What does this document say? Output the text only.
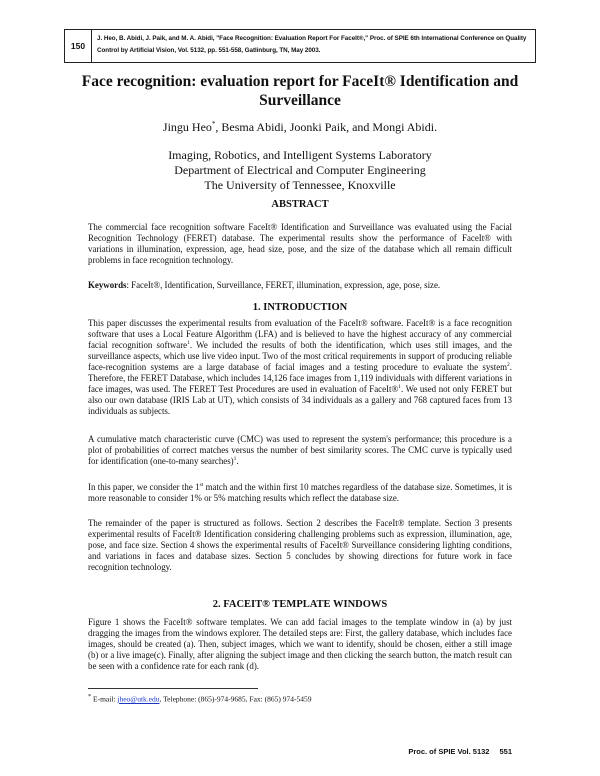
150
J. Heo, B. Abidi, J. Paik, and M. A. Abidi, "Face Recognition: Evaluation Report For FaceIt®," Proc. of SPIE 6th International Conference on Quality Control by Artificial Vision, Vol. 5132, pp. 551-558, Gatlinburg, TN, May 2003.
Face recognition: evaluation report for FaceIt® Identification and Surveillance
Jingu Heo*, Besma Abidi, Joonki Paik, and Mongi Abidi.
Imaging, Robotics, and Intelligent Systems Laboratory
Department of Electrical and Computer Engineering
The University of Tennessee, Knoxville
ABSTRACT

The commercial face recognition software FaceIt® Identification and Surveillance was evaluated using the Facial Recognition Technology (FERET) database. The experimental results show the performance of FaceIt® with variations in illumination, expression, age, head size, pose, and the size of the database which all remain difficult problems in face recognition technology.

Keywords: FaceIt®, Identification, Surveillance, FERET, illumination, expression, age, pose, size.

1. INTRODUCTION

This paper discusses the experimental results from evaluation of the FaceIt® software. FaceIt® is a face recognition software that uses a Local Feature Algorithm (LFA) and is believed to have the highest accuracy of any commercial facial recognition software$^1$. We included the results of both the identification, which uses still images, and the surveillance aspects, which use live video input. Two of the most critical requirements in support of producing reliable face-recognition systems are a large database of facial images and a testing procedure to evaluate the system$^2$. Therefore, the FERET Database, which includes 14,126 face images from 1,119 individuals with different variations in face images, was used. The FERET Test Procedures are used in evaluation of FaceIt®$^1$. We used not only FERET but also our own database (IRIS Lab at UT), which consists of 34 individuals as a gallery and 768 captured faces from 13 individuals as subjects.

A cumulative match characteristic curve (CMC) was used to represent the system's performance; this procedure is a plot of probabilities of correct matches versus the number of best similarity scores. The CMC curve is typically used for identification (one-to-many searches)$^1$.

In this paper, we consider the 1st match and the within first 10 matches regardless of the database size. Sometimes, it is more reasonable to consider 1% or 5% matching results which reflect the database size.

The remainder of the paper is structured as follows. Section 2 describes the FaceIt® template. Section 3 presents experimental results of FaceIt® Identification considering challenging problems such as expression, illumination, age, pose, and face size. Section 4 shows the experimental results of FaceIt® Surveillance considering lighting conditions, and variations in faces and database sizes. Section 5 concludes by showing directions for future work in face recognition technology.

2. FACEIT® TEMPLATE WINDOWS

Figure 1 shows the FaceIt® software templates. We can add facial images to the template window in (a) by just dragging the images from the windows explorer. The detailed steps are: First, the gallery database, which includes face images, should be created (a). Then, subject images, which we want to identify, should be chosen, either a still image (b) or a live image(c). Finally, after aligning the subject image and then clicking the search button, the match result can be seen with a confidence rate for each rank (d).

* E-mail: jheo@utk.edu, Telephone: (865)-974-9685, Fax: (865) 974-5459
Proc. of SPIE Vol. 5132 551
